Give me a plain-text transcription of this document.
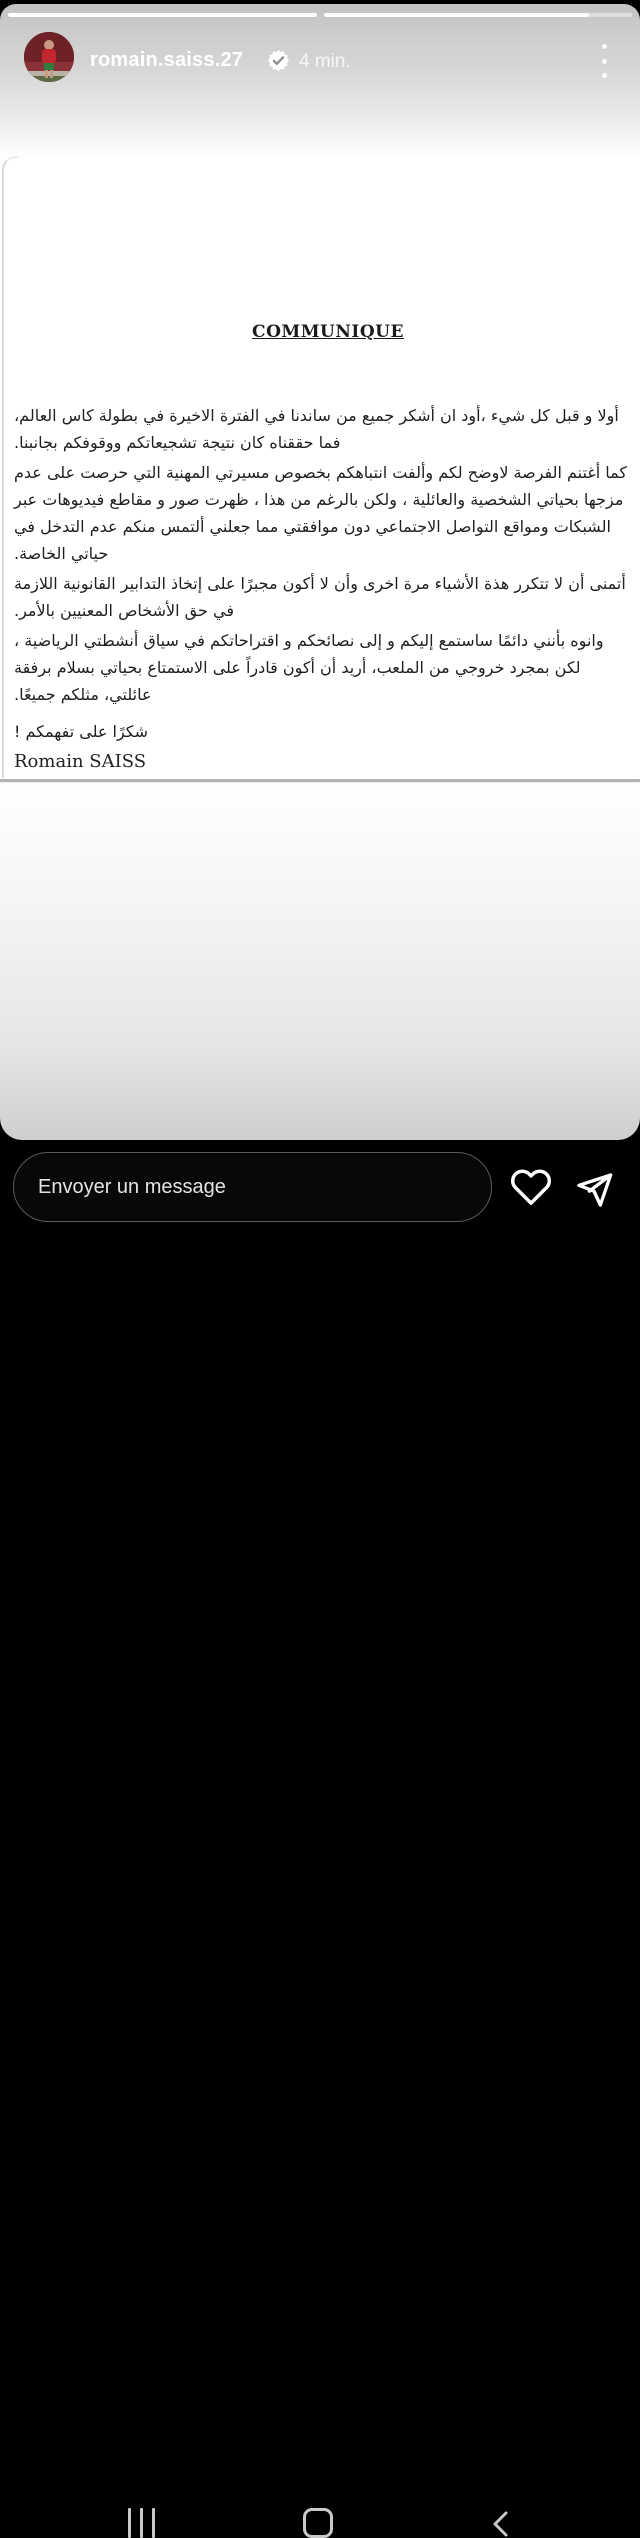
romain.saiss.27	4 min.
COMMUNIQUE

أولا و قبل كل شيء ،أود ان أشكر جميع من ساندنا في الفترة الاخيرة في بطولة كاس العالم، فما حققناه كان نتيجة تشجيعاتكم ووقوفكم بجانبنا.

كما أغتنم الفرصة لاوضح لكم وألفت انتباهكم بخصوص مسيرتي المهنية التي حرصت على عدم مزجها بحياتي الشخصية والعائلية ، ولكن بالرغم من هذا ، ظهرت صور و مقاطع فيديوهات عبر الشبكات ومواقع التواصل الاجتماعي دون موافقتي مما جعلني ألتمس منكم عدم التدخل في حياتي الخاصة.

أتمنى أن لا تتكرر هذة الأشياء مرة اخرى وأن لا أكون مجبرًا على إتخاذ التدابير القانونية اللازمة في حق الأشخاص المعنيين بالأمر.

وانوه بأنني دائمًا ساستمع إليكم و إلى نصائحكم و اقتراحاتكم في سياق أنشطتي الرياضية ، لكن بمجرد خروجي من الملعب، أريد أن أكون قادراً على الاستمتاع بحياتي بسلام برفقة عائلتي، مثلكم جميعًا.

شكرًا على تفهمكم !

Romain SAISS

Envoyer un message
